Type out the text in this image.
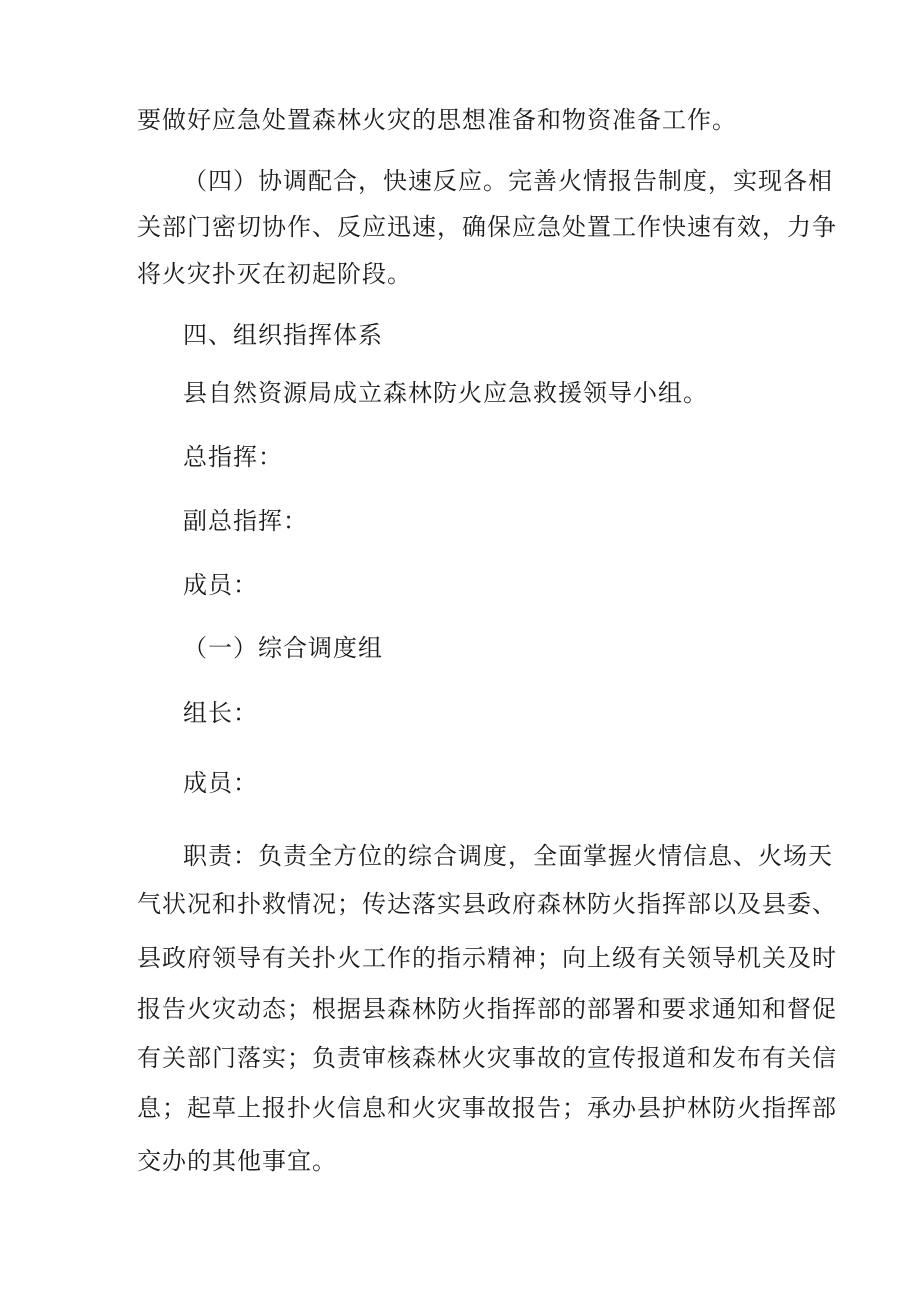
要做好应急处置森林火灾的思想准备和物资准备工作。
（四）协调配合，快速反应。完善火情报告制度，实现各相
关部门密切协作、反应迅速，确保应急处置工作快速有效，力争
将火灾扑灭在初起阶段。
四、组织指挥体系
县自然资源局成立森林防火应急救援领导小组。
总指挥：
副总指挥：
成员：
（一）综合调度组
组长：
成员：
职责：负责全方位的综合调度，全面掌握火情信息、火场天
气状况和扑救情况；传达落实县政府森林防火指挥部以及县委、
县政府领导有关扑火工作的指示精神；向上级有关领导机关及时
报告火灾动态；根据县森林防火指挥部的部署和要求通知和督促
有关部门落实；负责审核森林火灾事故的宣传报道和发布有关信
息；起草上报扑火信息和火灾事故报告；承办县护林防火指挥部
交办的其他事宜。
